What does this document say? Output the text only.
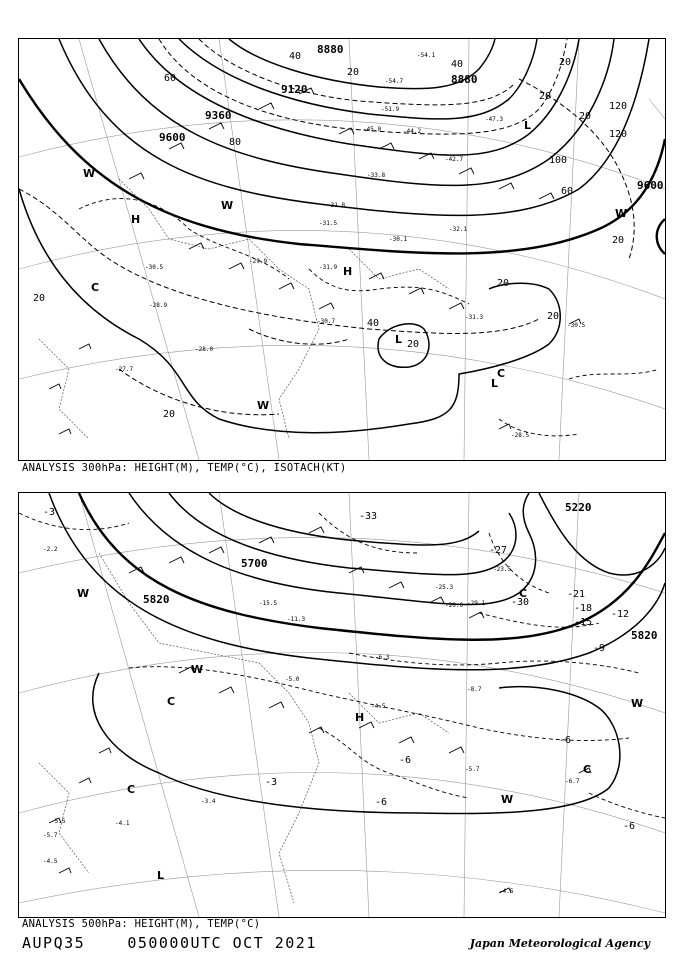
8880
8880
9120
9360
9600
9600
20
20
40
40
60
60
80
100
120
120
20
20
40
20
20
20
20
20
20
-54.1
-54.7
-51.9
-47.3
-45.0	-44.2
-42.7
-33.8
-31.8
-31.5
-30.1
-32.1
-31.9
-29.9
-30.5
-28.9
-27.7
-28.0
-30.7
-31.3
-30.5
-28.5
W
H
H
C
L
L
C
W
W
W
L
ANALYSIS 300hPa: HEIGHT(M), TEMP(°C), ISOTACH(KT)
5220
5700
5820
5820
-3	-33
-30
-27
-21
-18
-15
-12
-9
-6
-6
-6
-3
-6
-29.1
-25.3
-23.5
-20.0
-15.5
-11.3
-8.7
-6.3
-5.0
-4.5
-2.2
-5.7
-6.7
-4.5
-3.4
-4.1
-5.5
-4.5
-5.7
W
C
C
H
W
W
W
C
L
C
ANALYSIS 500hPa: HEIGHT(M), TEMP(°C)
AUPQ35	050000UTC OCT 2021	Japan Meteorological Agency
